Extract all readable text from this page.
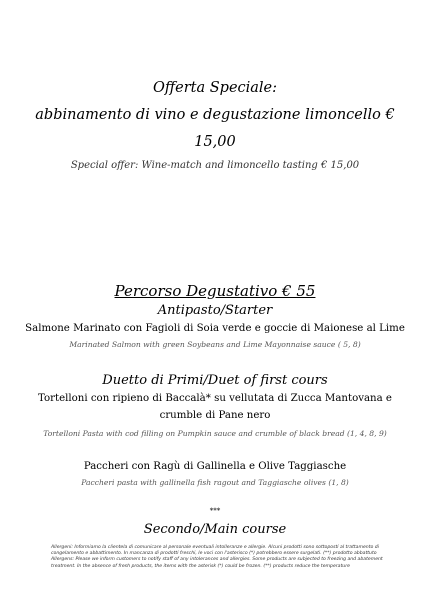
Offerta Speciale:
abbinamento di vino e degustazione limoncello €
15,00
Special offer: Wine-match and limoncello tasting € 15,00
Percorso Degustativo € 55
Antipasto/Starter
Salmone Marinato con Fagioli di Soia verde e goccie di Maionese al Lime
Marinated Salmon with green Soybeans and Lime Mayonnaise sauce ( 5, 8)
Duetto di Primi/Duet of first cours
Tortelloni con ripieno di Baccalà* su vellutata di Zucca Mantovana e
crumble di Pane nero
Tortelloni Pasta with cod filling on Pumpkin sauce and crumble of black bread (1, 4, 8, 9)
Paccheri con Ragù di Gallinella e Olive Taggiasche
Paccheri pasta with gallinella fish ragout and Taggiasche olives (1, 8)
***
Secondo/Main course
Allergeni: Informiamo la clientela di comunicare al personale eventuali intolleranze e allergie. Alcuni prodotti sono sottoposti al trattamento di congelamento e abbattimento. In mancanza di prodotti freschi, le voci con l'asterisco (*) potrebbero essere surgelati. (**) prodotto abbattuto Allergens: Please we inform customers to notify staff of any intolerances and allergies. Some products are subjected to freezing and abatement treatment. In the absence of fresh products, the items with the asterisk (*) could be frozen. (**) products reduce the temperature
